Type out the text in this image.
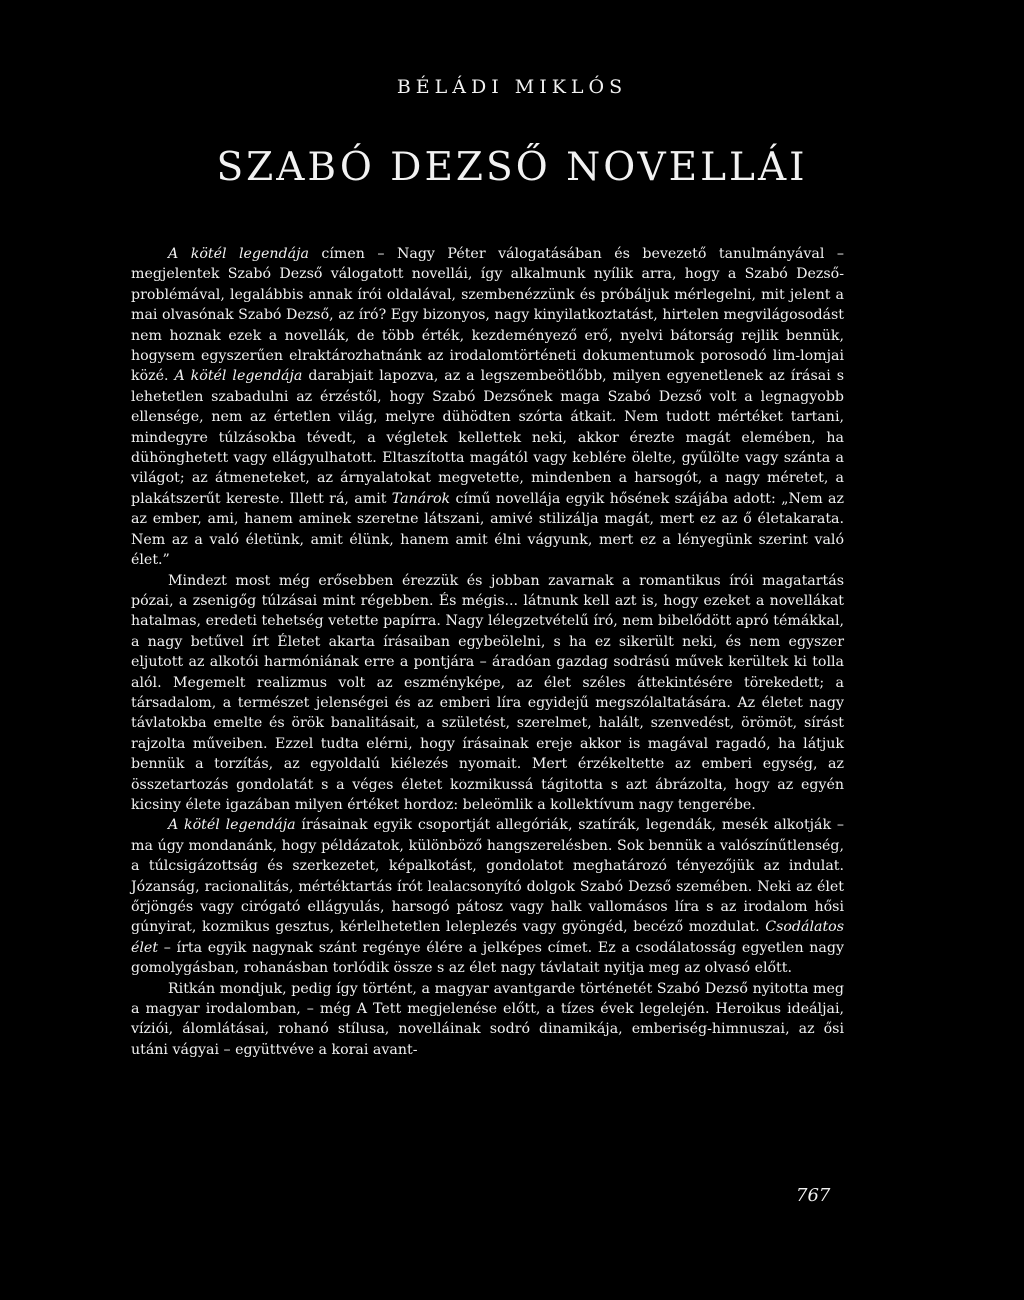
BÉLÁDI MIKLÓS
SZABÓ DEZSŐ NOVELLÁI

A kötél legendája címen – Nagy Péter válogatásában és bevezető tanulmányával – megjelentek Szabó Dezső válogatott novellái, így alkalmunk nyílik arra, hogy a Szabó Dezső-problémával, legalábbis annak írói oldalával, szembenézzünk és próbáljuk mérlegelni, mit jelent a mai olvasónak Szabó Dezső, az író? Egy bizonyos, nagy kinyilatkoztatást, hirtelen megvilágosodást nem hoznak ezek a novellák, de több érték, kezdeményező erő, nyelvi bátorság rejlik bennük, hogysem egyszerűen elraktározhatnánk az irodalomtörténeti dokumentumok porosodó lim-lomjai közé. A kötél legendája darabjait lapozva, az a legszembeötlőbb, milyen egyenetlenek az írásai s lehetetlen szabadulni az érzéstől, hogy Szabó Dezsőnek maga Szabó Dezső volt a legnagyobb ellensége, nem az értetlen világ, melyre dühödten szórta átkait. Nem tudott mértéket tartani, mindegyre túlzásokba tévedt, a végletek kellettek neki, akkor érezte magát elemében, ha dühönghetett vagy ellágyulhatott. Eltaszította magától vagy keblére ölelte, gyűlölte vagy szánta a világot; az átmeneteket, az árnyalatokat megvetette, mindenben a harsogót, a nagy méretet, a plakátszerűt kereste. Illett rá, amit Tanárok című novellája egyik hősének szájába adott: „Nem az az ember, ami, hanem aminek szeretne látszani, amivé stilizálja magát, mert ez az ő életakarata. Nem az a való életünk, amit élünk, hanem amit élni vágyunk, mert ez a lényegünk szerint való élet.”

Mindezt most még erősebben érezzük és jobban zavarnak a romantikus írói magatartás pózai, a zsenigőg túlzásai mint régebben. És mégis... látnunk kell azt is, hogy ezeket a novellákat hatalmas, eredeti tehetség vetette papírra. Nagy lélegzetvételű író, nem bibelődött apró témákkal, a nagy betűvel írt Életet akarta írásaiban egybeölelni, s ha ez sikerült neki, és nem egyszer eljutott az alkotói harmóniának erre a pontjára – áradóan gazdag sodrású művek kerültek ki tolla alól. Megemelt realizmus volt az eszményképe, az élet széles áttekintésére törekedett; a társadalom, a természet jelenségei és az emberi líra egyidejű megszólaltatására. Az életet nagy távlatokba emelte és örök banalitásait, a születést, szerelmet, halált, szenvedést, örömöt, sírást rajzolta műveiben. Ezzel tudta elérni, hogy írásainak ereje akkor is magával ragadó, ha látjuk bennük a torzítás, az egyoldalú kiélezés nyomait. Mert érzékeltette az emberi egység, az összetartozás gondolatát s a véges életet kozmikussá tágitotta s azt ábrázolta, hogy az egyén kicsiny élete igazában milyen értéket hordoz: beleömlik a kollektívum nagy tengerébe.

A kötél legendája írásainak egyik csoportját allegóriák, szatírák, legendák, mesék alkotják – ma úgy mondanánk, hogy példázatok, különböző hangszerelésben. Sok bennük a valószínűtlenség, a túlcsigázottság és szerkezetet, képalkotást, gondolatot meghatározó tényezőjük az indulat. Józanság, racionalitás, mértéktartás írót lealacsonyító dolgok Szabó Dezső szemében. Neki az élet őrjöngés vagy cirógató ellágyulás, harsogó pátosz vagy halk vallomásos líra s az irodalom hősi gúnyirat, kozmikus gesztus, kérlelhetetlen leleplezés vagy gyöngéd, becéző mozdulat. Csodálatos élet – írta egyik nagynak szánt regénye élére a jelképes címet. Ez a csodálatosság egyetlen nagy gomolygásban, rohanásban torlódik össze s az élet nagy távlatait nyitja meg az olvasó előtt.

Ritkán mondjuk, pedig így történt, a magyar avantgarde történetét Szabó Dezső nyitotta meg a magyar irodalomban, – még A Tett megjelenése előtt, a tízes évek legelején. Heroikus ideáljai, víziói, álomlátásai, rohanó stílusa, novelláinak sodró dinamikája, emberiség-himnuszai, az ősi utáni vágyai – együttvéve a korai avant-

767
